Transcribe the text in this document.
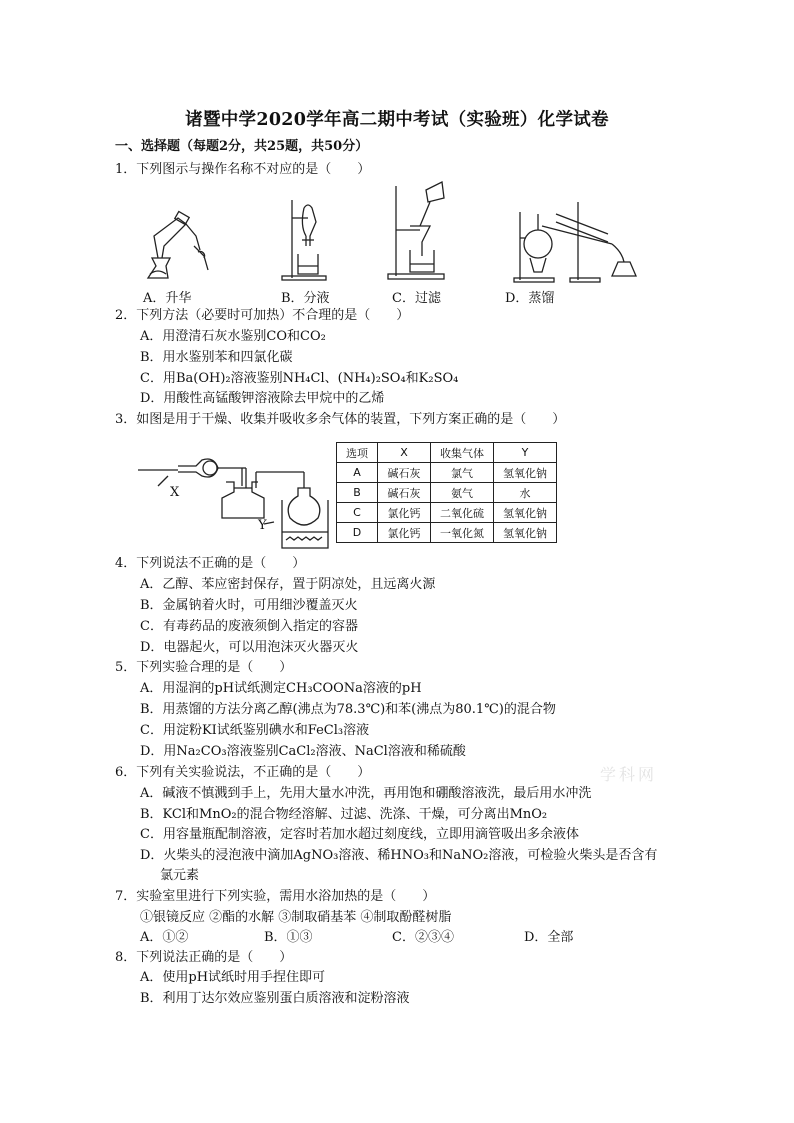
诸暨中学2020学年高二期中考试（实验班）化学试卷
一、选择题（每题2分，共25题，共50分）
1．下列图示与操作名称不对应的是（　　）
A．升华	B．分液	C．过滤	D．蒸馏
2．下列方法（必要时可加热）不合理的是（　　）
A．用澄清石灰水鉴别CO和CO₂
B．用水鉴别苯和四氯化碳
C．用Ba(OH)₂溶液鉴别NH₄Cl、(NH₄)₂SO₄和K₂SO₄
D．用酸性高锰酸钾溶液除去甲烷中的乙烯
3．如图是用于干燥、收集并吸收多余气体的装置，下列方案正确的是（　　）
X
Y
选项	X	收集气体	Y
A	碱石灰	氯气	氢氧化钠
B	碱石灰	氨气	水
C	氯化钙	二氧化硫	氢氧化钠
D	氯化钙	一氧化氮	氢氧化钠
4．下列说法不正确的是（　　）
A．乙醇、苯应密封保存，置于阴凉处，且远离火源
B．金属钠着火时，可用细沙覆盖灭火
C．有毒药品的废液须倒入指定的容器
D．电器起火，可以用泡沫灭火器灭火
5．下列实验合理的是（　　）
A．用湿润的pH试纸测定CH₃COONa溶液的pH
B．用蒸馏的方法分离乙醇(沸点为78.3℃)和苯(沸点为80.1℃)的混合物
C．用淀粉KI试纸鉴别碘水和FeCl₃溶液
D．用Na₂CO₃溶液鉴别CaCl₂溶液、NaCl溶液和稀硫酸
6．下列有关实验说法，不正确的是（　　）
A．碱液不慎溅到手上，先用大量水冲洗，再用饱和硼酸溶液洗，最后用水冲洗
B．KCl和MnO₂的混合物经溶解、过滤、洗涤、干燥，可分离出MnO₂
C．用容量瓶配制溶液，定容时若加水超过刻度线，立即用滴管吸出多余液体
D．火柴头的浸泡液中滴加AgNO₃溶液、稀HNO₃和NaNO₂溶液，可检验火柴头是否含有
氯元素
学科网
7．实验室里进行下列实验，需用水浴加热的是（　　）
①银镜反应 ②酯的水解 ③制取硝基苯 ④制取酚醛树脂
A．①②	B．①③	C．②③④	D．全部
8．下列说法正确的是（　　）
A．使用pH试纸时用手捏住即可
B．利用丁达尔效应鉴别蛋白质溶液和淀粉溶液
